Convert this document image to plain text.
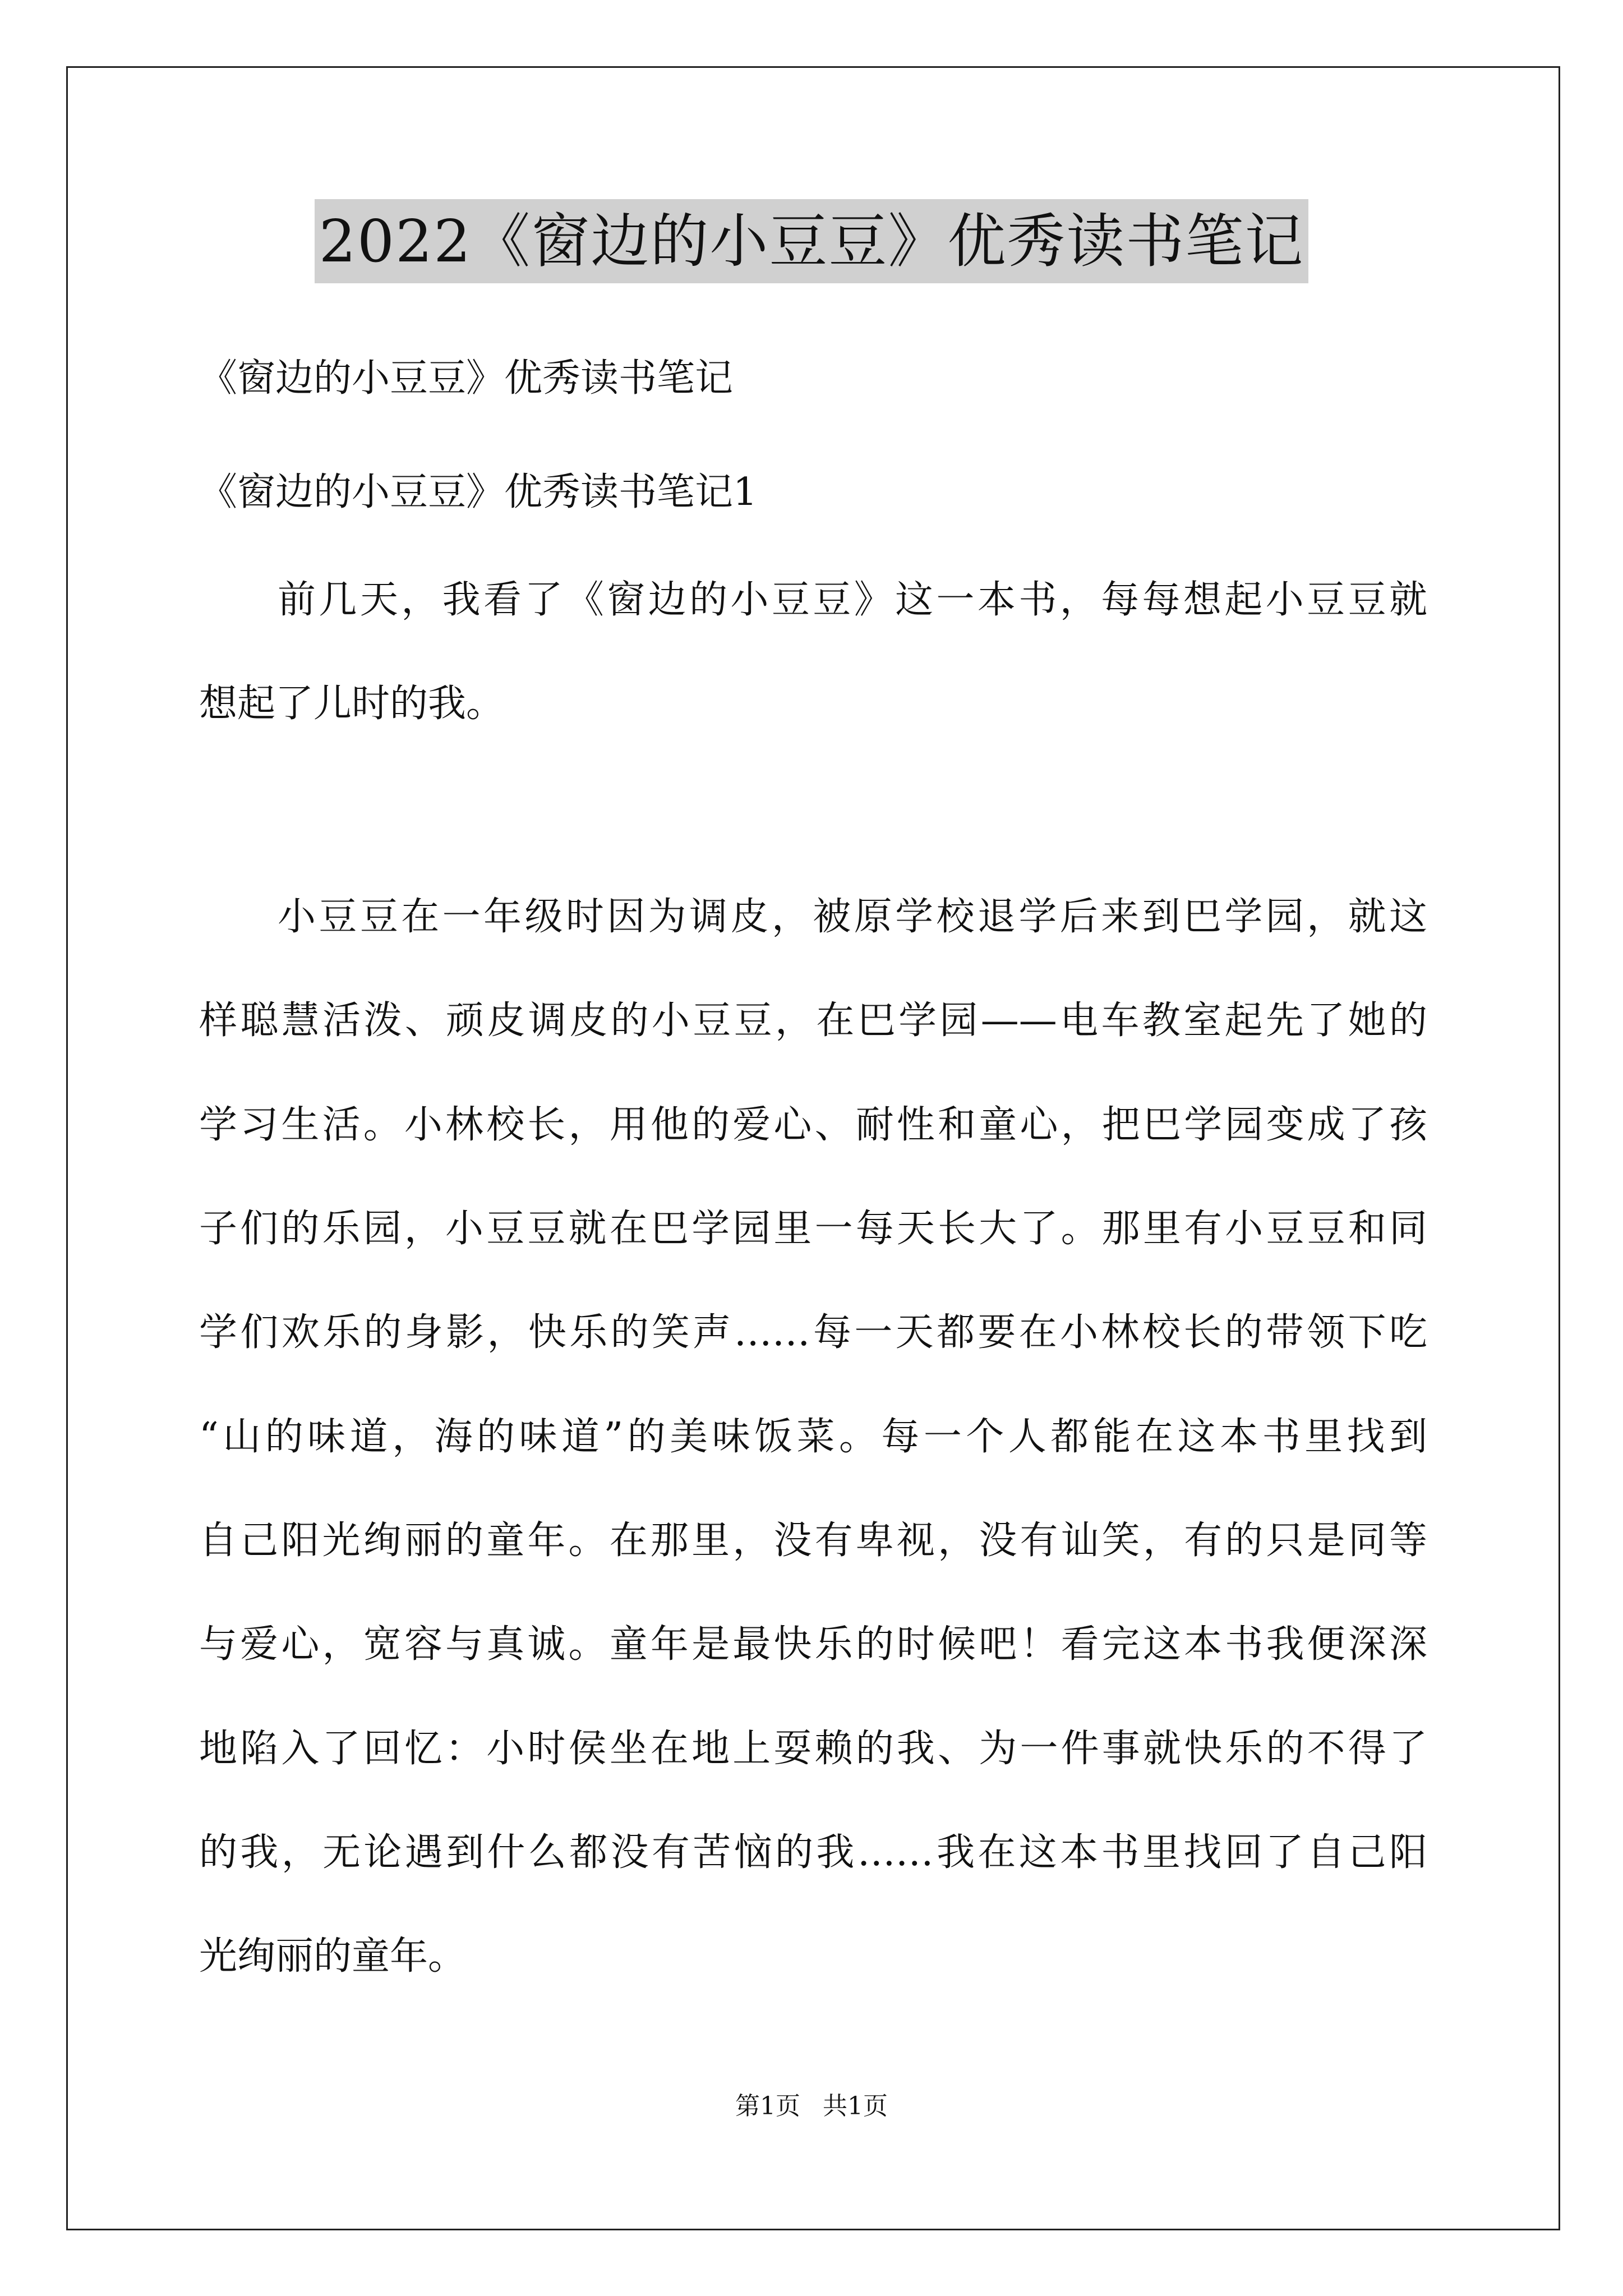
2022《窗边的小豆豆》优秀读书笔记
《窗边的小豆豆》优秀读书笔记
《窗边的小豆豆》优秀读书笔记1
前几天，我看了《窗边的小豆豆》这一本书，每每想起小豆豆就
想起了儿时的我。
小豆豆在一年级时因为调皮，被原学校退学后来到巴学园，就这
样聪慧活泼、顽皮调皮的小豆豆，在巴学园——电车教室起先了她的
学习生活。小林校长，用他的爱心、耐性和童心，把巴学园变成了孩
子们的乐园，小豆豆就在巴学园里一每天长大了。那里有小豆豆和同
学们欢乐的身影，快乐的笑声……每一天都要在小林校长的带领下吃
“山的味道，海的味道”的美味饭菜。每一个人都能在这本书里找到
自己阳光绚丽的童年。在那里，没有卑视，没有讪笑，有的只是同等
与爱心，宽容与真诚。童年是最快乐的时候吧！看完这本书我便深深
地陷入了回忆：小时侯坐在地上耍赖的我、为一件事就快乐的不得了
的我，无论遇到什么都没有苦恼的我……我在这本书里找回了自己阳
光绚丽的童年。
第1页 共1页
